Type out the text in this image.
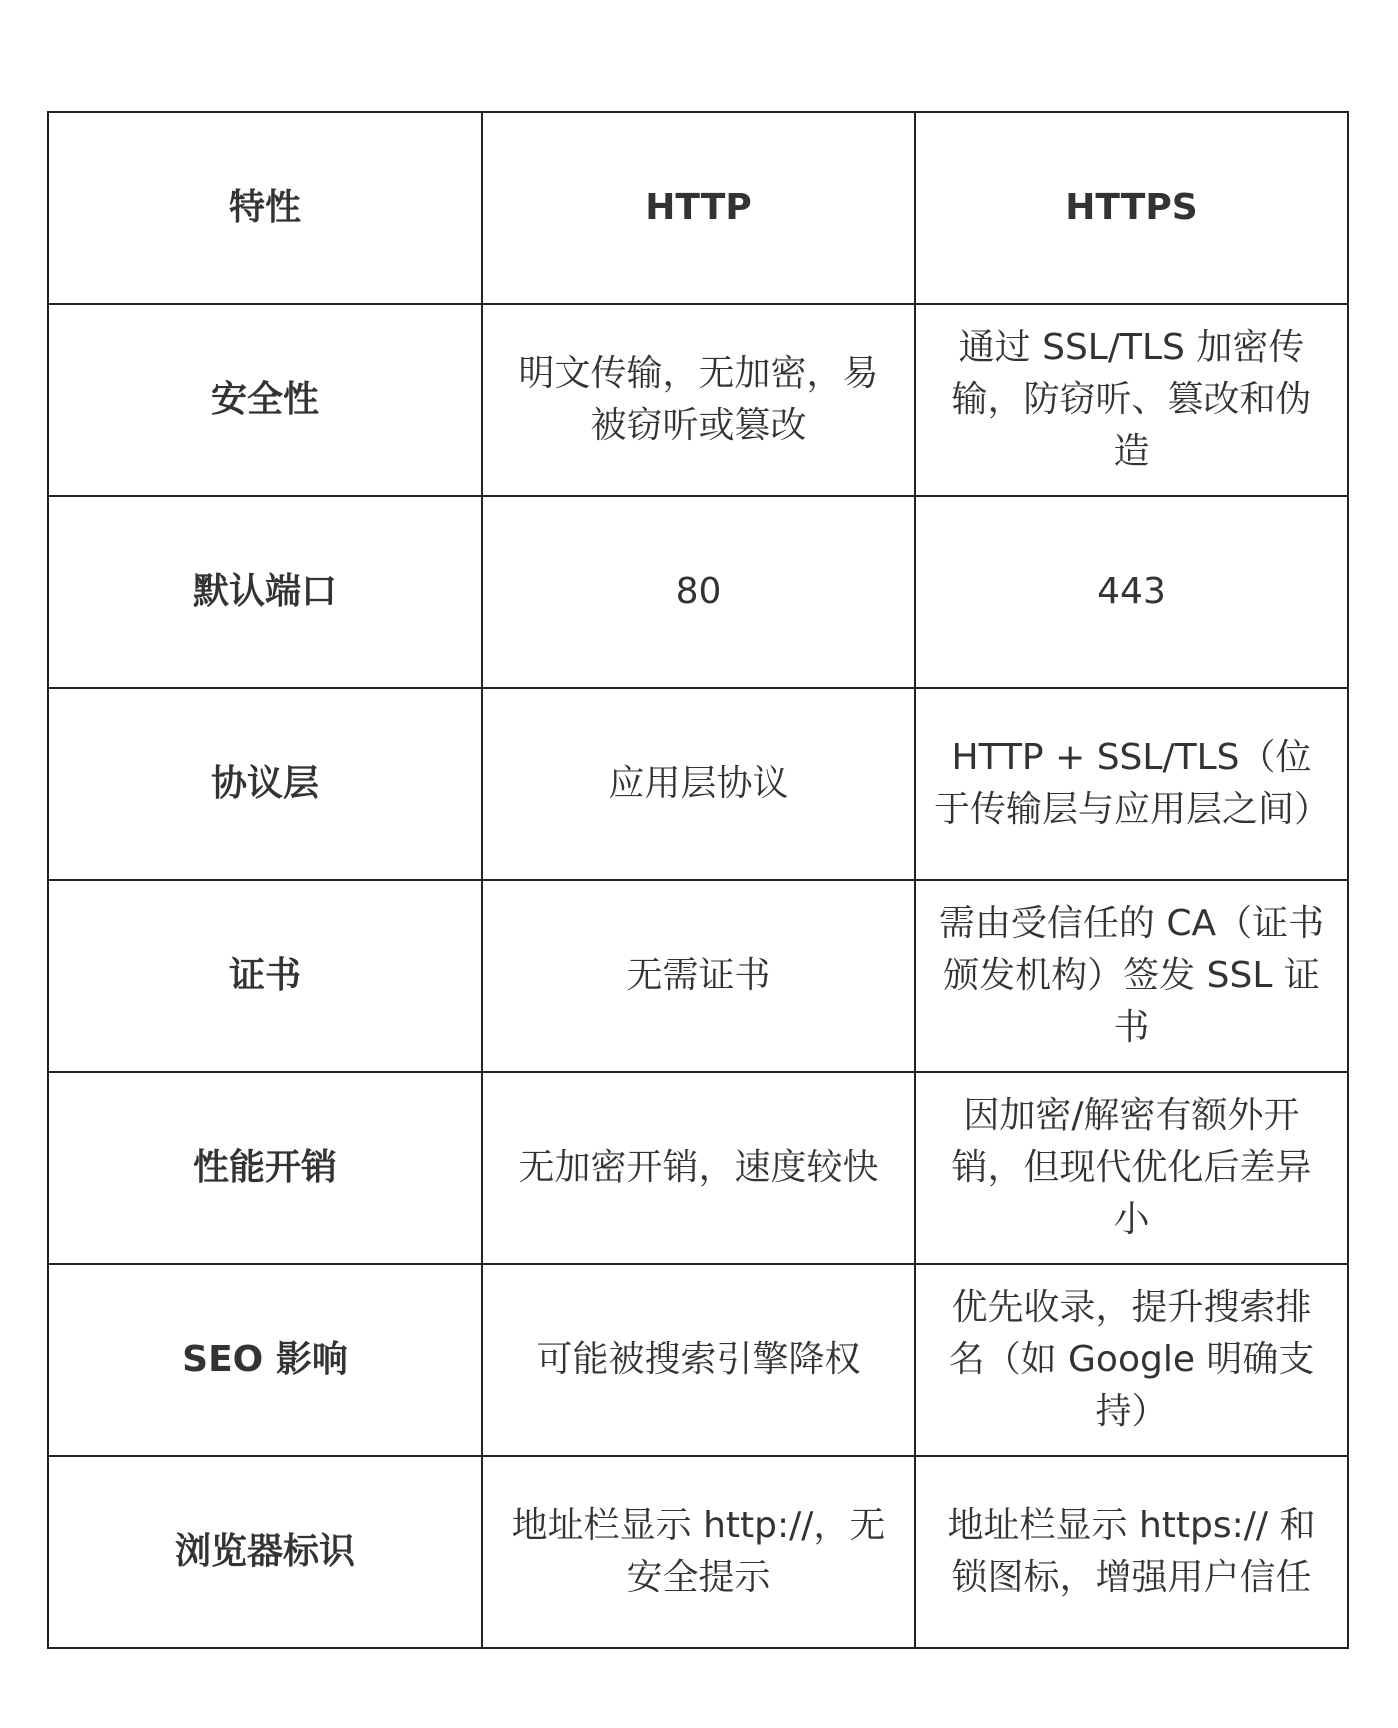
特性	HTTP	HTTPS
安全性	明文传输，无加密，易被窃听或篡改	通过 SSL/TLS 加密传输，防窃听、篡改和伪造
默认端口	80	443
协议层	应用层协议	HTTP + SSL/TLS（位于传输层与应用层之间）
证书	无需证书	需由受信任的 CA（证书颁发机构）签发 SSL 证书
性能开销	无加密开销，速度较快	因加密/解密有额外开销，但现代优化后差异小
SEO 影响	可能被搜索引擎降权	优先收录，提升搜索排名（如 Google 明确支持）
浏览器标识	地址栏显示 http://，无安全提示	地址栏显示 https:// 和锁图标，增强用户信任
